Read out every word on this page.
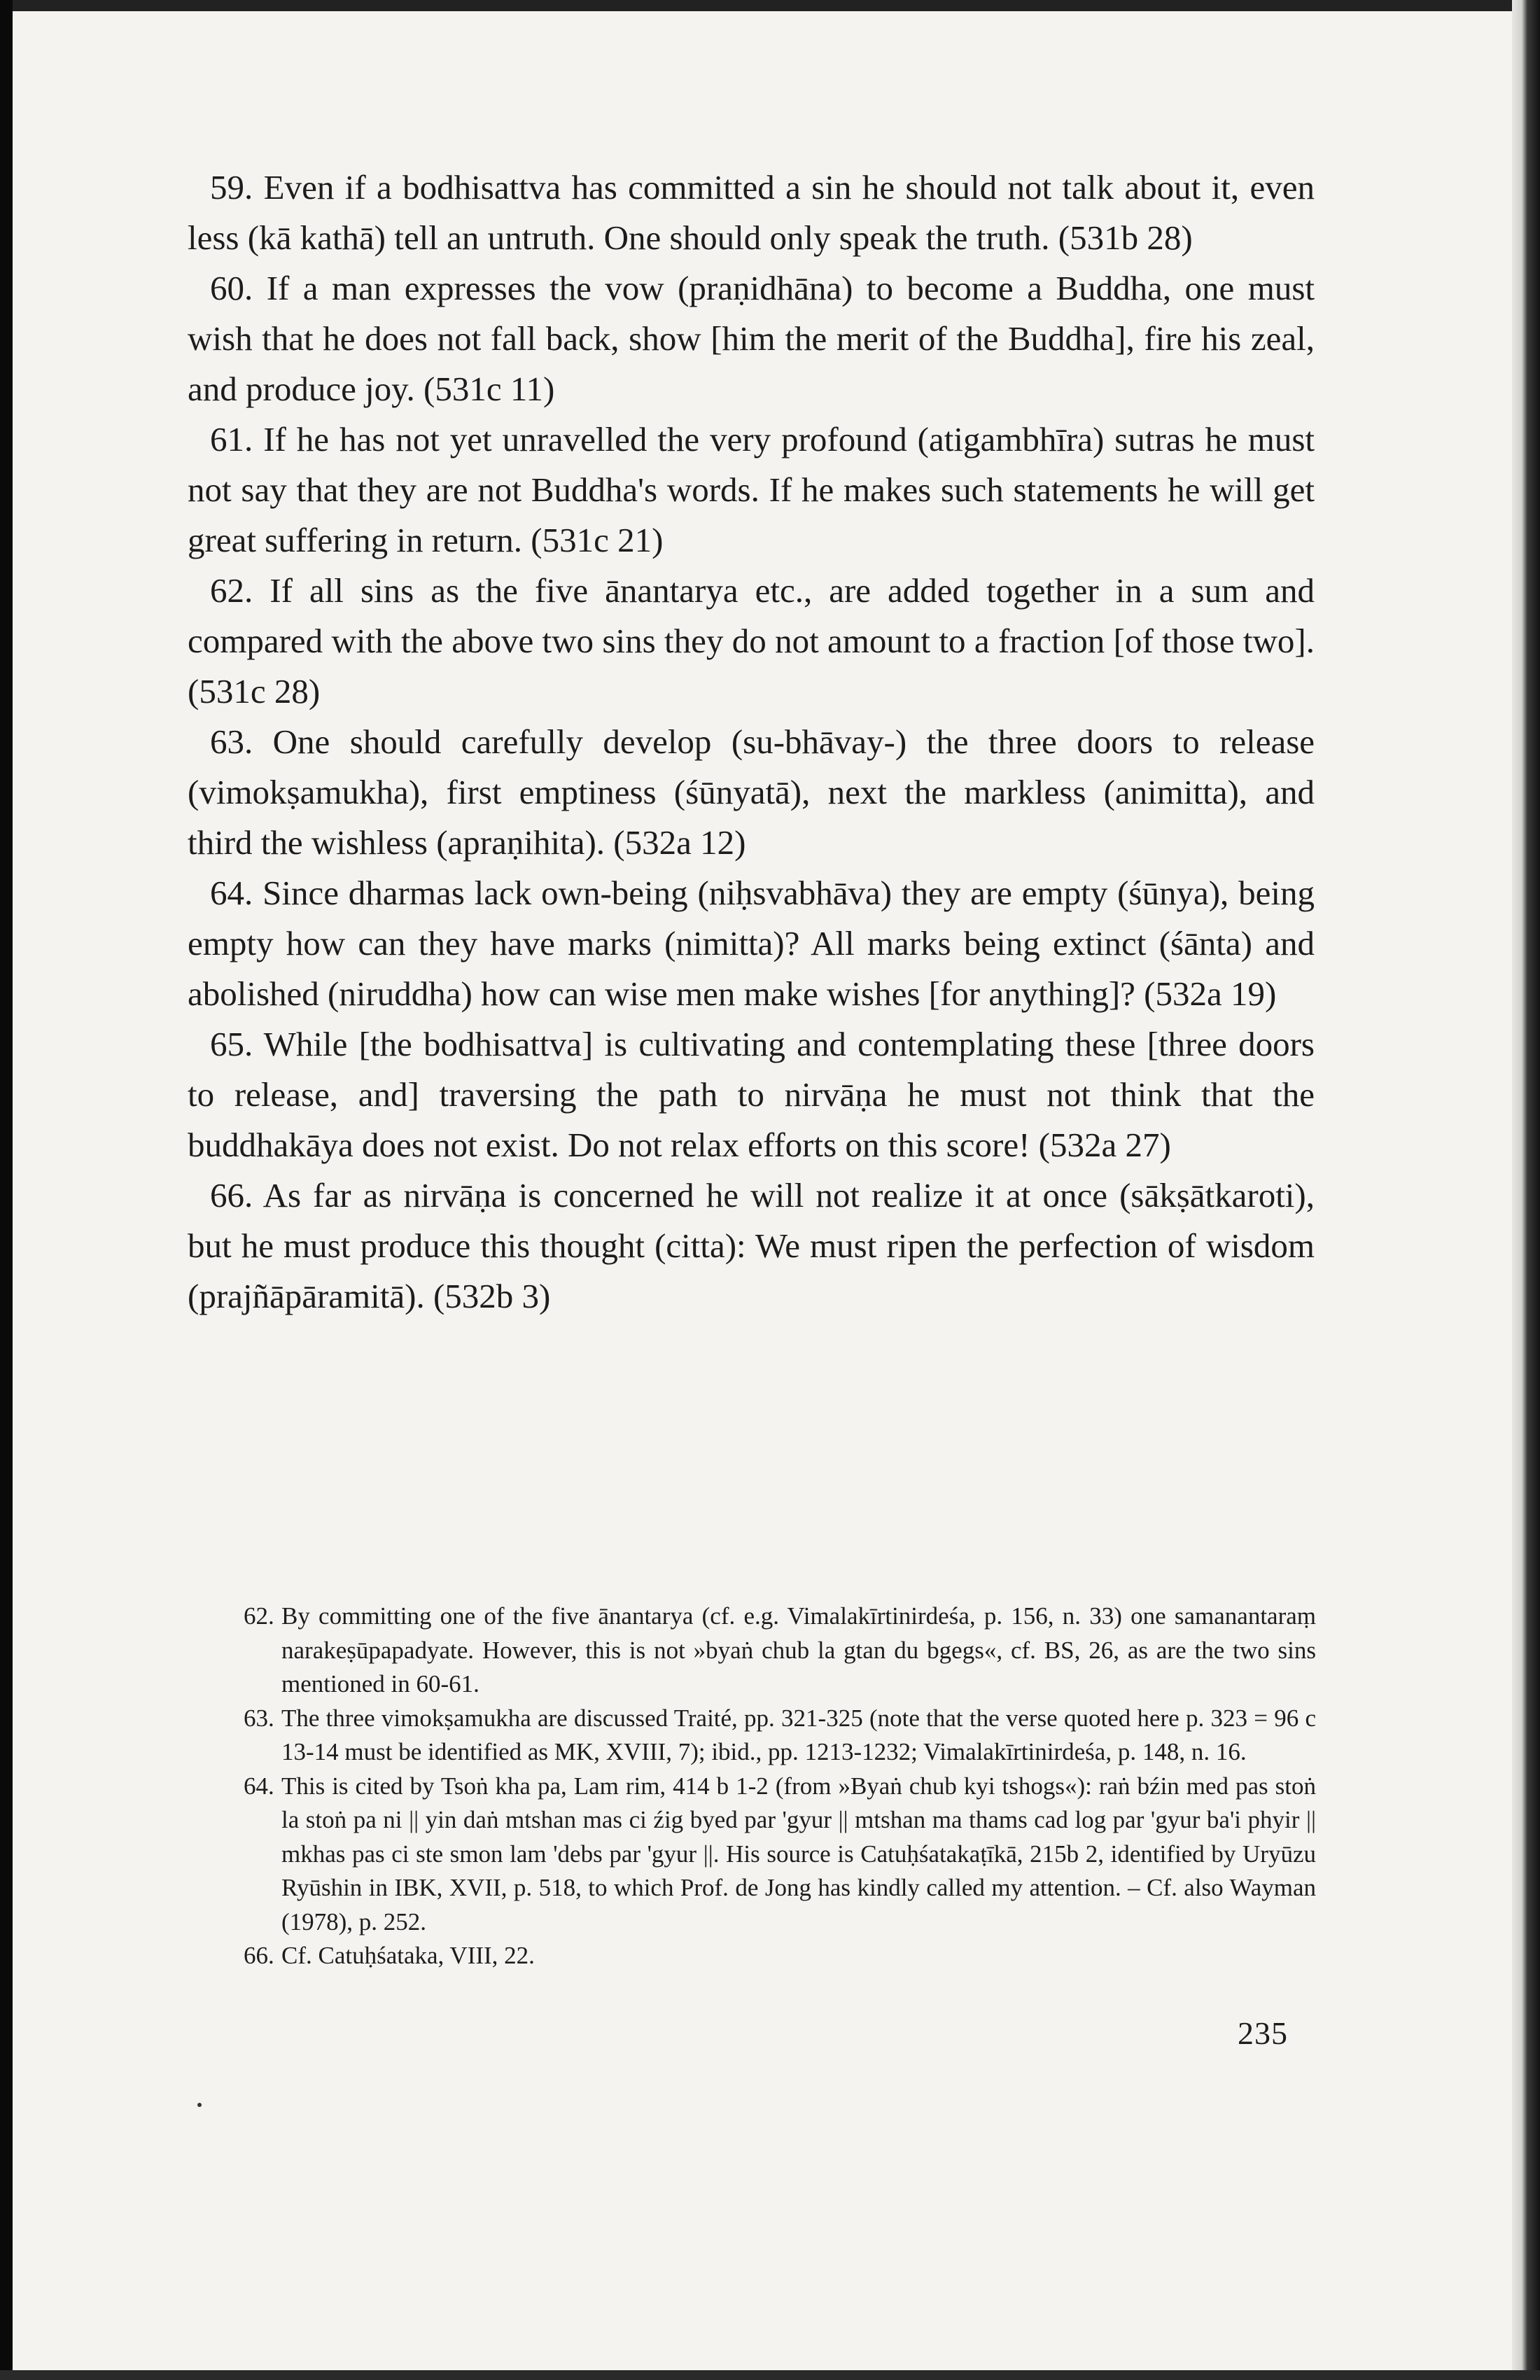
59. Even if a bodhisattva has committed a sin he should not talk about it, even less (kā kathā) tell an untruth. One should only speak the truth. (531b 28)

60. If a man expresses the vow (praṇidhāna) to become a Buddha, one must wish that he does not fall back, show [him the merit of the Buddha], fire his zeal, and produce joy. (531c 11)

61. If he has not yet unravelled the very profound (atigambhīra) sutras he must not say that they are not Buddha's words. If he makes such statements he will get great suffering in return. (531c 21)

62. If all sins as the five ānantarya etc., are added together in a sum and compared with the above two sins they do not amount to a fraction [of those two]. (531c 28)

63. One should carefully develop (su-bhāvay-) the three doors to release (vimokṣamukha), first emptiness (śūnyatā), next the markless (animitta), and third the wishless (apraṇihita). (532a 12)

64. Since dharmas lack own-being (niḥsvabhāva) they are empty (śūnya), being empty how can they have marks (nimitta)? All marks being extinct (śānta) and abolished (niruddha) how can wise men make wishes [for anything]? (532a 19)

65. While [the bodhisattva] is cultivating and contemplating these [three doors to release, and] traversing the path to nirvāṇa he must not think that the buddhakāya does not exist. Do not relax efforts on this score! (532a 27)

66. As far as nirvāṇa is concerned he will not realize it at once (sākṣātkaroti), but he must produce this thought (citta): We must ripen the perfection of wisdom (prajñāpāramitā). (532b 3)

62. By committing one of the five ānantarya (cf. e.g. Vimalakīrtinirdeśa, p. 156, n. 33) one samanantaraṃ narakeṣūpapadyate. However, this is not »byaṅ chub la gtan du bgegs«, cf. BS, 26, as are the two sins mentioned in 60-61.

63. The three vimokṣamukha are discussed Traité, pp. 321-325 (note that the verse quoted here p. 323 = 96 c 13-14 must be identified as MK, XVIII, 7); ibid., pp. 1213-1232; Vimalakīrtinirdeśa, p. 148, n. 16.

64. This is cited by Tsoṅ kha pa, Lam rim, 414 b 1-2 (from »Byaṅ chub kyi tshogs«): raṅ bźin med pas stoṅ la stoṅ pa ni || yin daṅ mtshan mas ci źig byed par 'gyur || mtshan ma thams cad log par 'gyur ba'i phyir || mkhas pas ci ste smon lam 'debs par 'gyur ||. His source is Catuḥśatakaṭīkā, 215b 2, identified by Uryūzu Ryūshin in IBK, XVII, p. 518, to which Prof. de Jong has kindly called my attention. – Cf. also Wayman (1978), p. 252.

66. Cf. Catuḥśataka, VIII, 22.

235
